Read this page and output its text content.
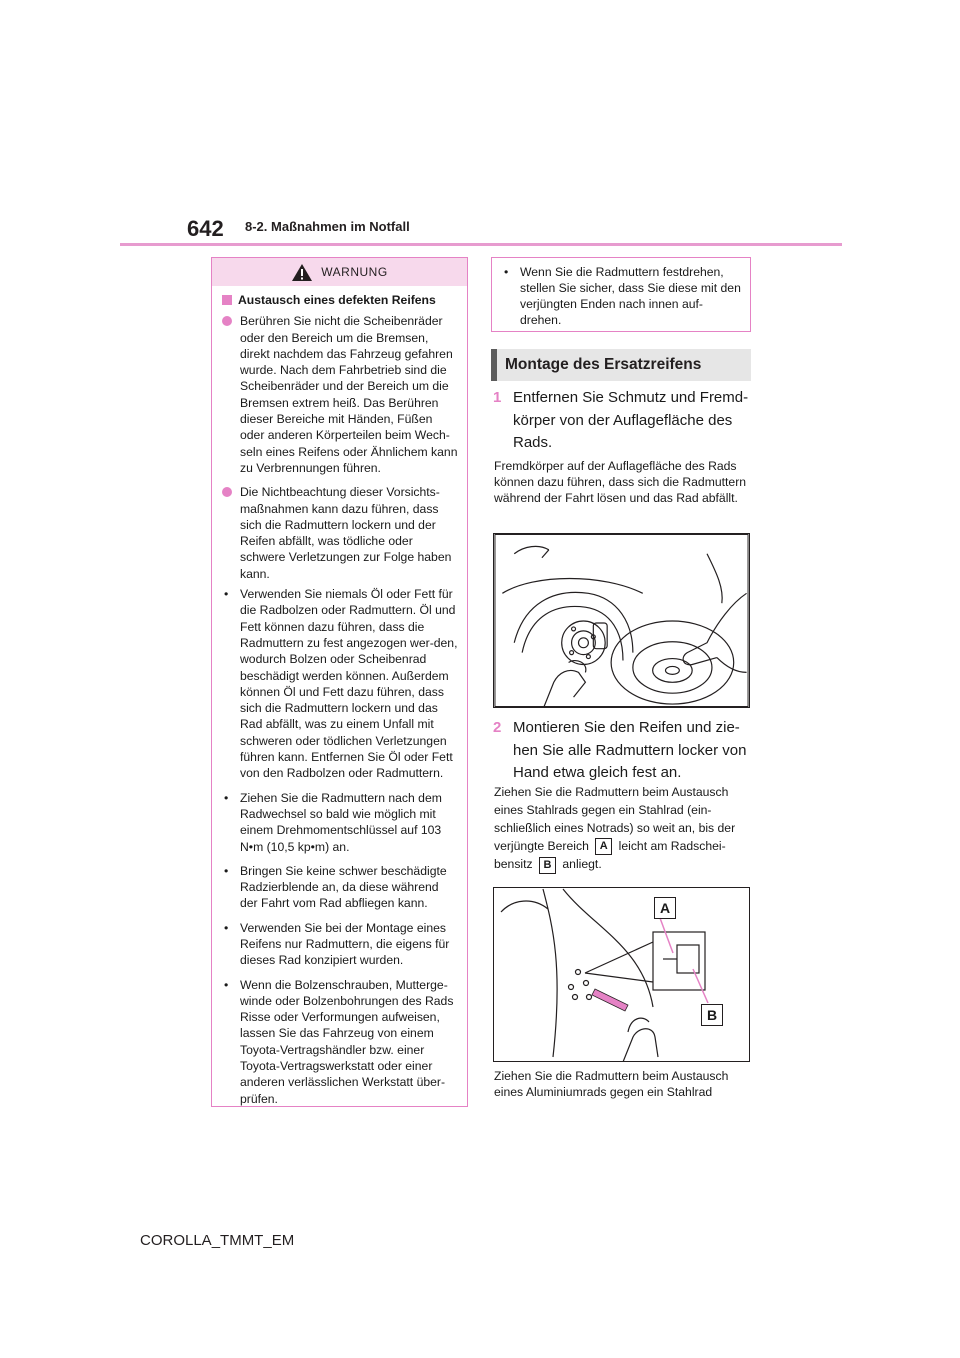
642 8-2. Maßnahmen im Notfall
WARNUNG
Austausch eines defekten Reifens
Berühren Sie nicht die Scheibenräder oder den Bereich um die Bremsen, direkt nachdem das Fahrzeug gefahren wurde. Nach dem Fahrbetrieb sind die Scheibenräder und der Bereich um die Bremsen extrem heiß. Das Berühren dieser Bereiche mit Händen, Füßen oder anderen Körperteilen beim Wech-seln eines Reifens oder Ähnlichem kann zu Verbrennungen führen.
Die Nichtbeachtung dieser Vorsichts-maßnahmen kann dazu führen, dass sich die Radmuttern lockern und der Reifen abfällt, was tödliche oder schwere Verletzungen zur Folge haben kann.
• Verwenden Sie niemals Öl oder Fett für die Radbolzen oder Radmuttern. Öl und Fett können dazu führen, dass die Radmuttern zu fest angezogen wer-den, wodurch Bolzen oder Scheibenrad beschädigt werden können. Außerdem können Öl und Fett dazu führen, dass sich die Radmuttern lockern und das Rad abfällt, was zu einem Unfall mit schweren oder tödlichen Verletzungen führen kann. Entfernen Sie Öl oder Fett von den Radbolzen oder Radmuttern.
• Ziehen Sie die Radmuttern nach dem Radwechsel so bald wie möglich mit einem Drehmomentschlüssel auf 103 N•m (10,5 kp•m) an.
• Bringen Sie keine schwer beschädigte Radzierblende an, da diese während der Fahrt vom Rad abfliegen kann.
• Verwenden Sie bei der Montage eines Reifens nur Radmuttern, die eigens für dieses Rad konzipiert wurden.
• Wenn die Bolzenschrauben, Mutterge-winde oder Bolzenbohrungen des Rads Risse oder Verformungen aufweisen, lassen Sie das Fahrzeug von einem Toyota-Vertragshändler bzw. einer Toyota-Vertragswerkstatt oder einer anderen verlässlichen Werkstatt über-prüfen.
• Wenn Sie die Radmuttern festdrehen, stellen Sie sicher, dass Sie diese mit den verjüngten Enden nach innen auf-drehen.
Montage des Ersatzreifens
1 Entfernen Sie Schmutz und Fremd-körper von der Auflagefläche des Rads.
Fremdkörper auf der Auflagefläche des Rads können dazu führen, dass sich die Radmuttern während der Fahrt lösen und das Rad abfällt.
2 Montieren Sie den Reifen und zie-hen Sie alle Radmuttern locker von Hand etwa gleich fest an.
Ziehen Sie die Radmuttern beim Austausch eines Stahlrads gegen ein Stahlrad (ein-schließlich eines Notrads) so weit an, bis der verjüngte Bereich A leicht am Radschei-bensitz B anliegt.
A
B
Ziehen Sie die Radmuttern beim Austausch eines Aluminiumrads gegen ein Stahlrad
COROLLA_TMMT_EM
